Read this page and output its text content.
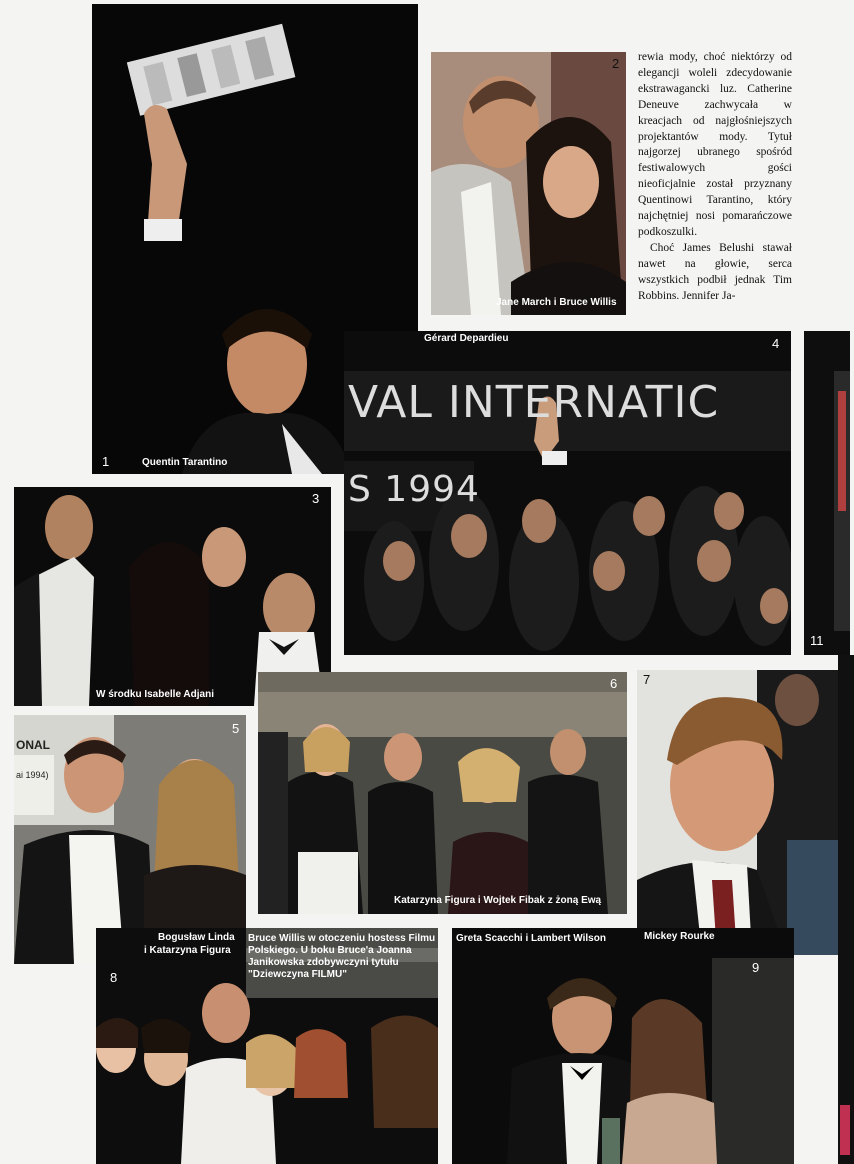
1	Quentin Tarantino
2
Jane March i Bruce Willis

rewia mody, choć niektórzy od elegancji woleli zdecydowanie ekstrawagancki luz. Catherine Deneuve zachwycała w kreacjach od najgłośniejszych projektantów mody. Tytuł najgorzej ubranego spośród festiwalowych gości nieoficjalnie został przyznany Quentinowi Tarantino, który najchętniej nosi pomarańczowe podkoszulki.

Choć James Belushi stawał nawet na głowie, serca wszystkich podbił jednak Tim Robbins. Jennifer Ja-

VAL INTERNATIC
S 1994
4
Gérard Depardieu
11
3
W środku Isabelle Adjani
5
ONAL
ai 1994)
Bogusław Linda
i Katarzyna Figura
6
Katarzyna Figura i Wojtek Fibak z żoną Ewą
7
Mickey Rourke
8
Bruce Willis w otoczeniu hostess Filmu
Polskiego. U boku Bruce'a Joanna
Janikowska zdobywczyni tytułu
"Dziewczyna FILMU"	9
Greta Scacchi i Lambert Wilson
